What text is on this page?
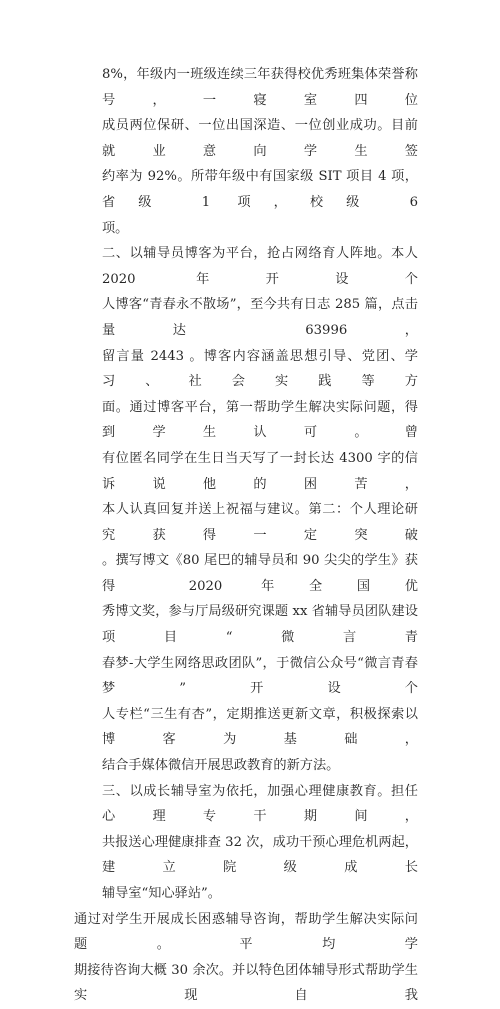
8%，年级内一班级连续三年获得校优秀班集体荣誉称号，一寝室四位

成员两位保研、一位出国深造、一位创业成功。目前就业意向学生签

约率为 92%。所带年级中有国家级 SIT 项目 4 项，省级 1 项，校级 6

项。

二、以辅导员博客为平台，抢占网络育人阵地。本人 2020 年开设个

人博客“青春永不散场”，至今共有日志 285 篇，点击量达 63996，

留言量 2443 。博客内容涵盖思想引导、党团、学习、社会实践等方

面。通过博客平台，第一帮助学生解决实际问题，得到学生认可。曾

有位匿名同学在生日当天写了一封长达 4300 字的信诉说他的困苦，

本人认真回复并送上祝福与建议。第二：个人理论研究获得一定突破

。撰写博文《80 尾巴的辅导员和 90 尖尖的学生》获得 2020 年全国优

秀博文奖，参与厅局级研究课题 xx 省辅导员团队建设项目“微言青

春梦-大学生网络思政团队”，于微信公众号“微言青春梦”开设个

人专栏“三生有杏”，定期推送更新文章，积极探索以博客为基础，

结合手媒体微信开展思政教育的新方法。

三、以成长辅导室为依托，加强心理健康教育。担任心理专干期间，

共报送心理健康排查 32 次，成功干预心理危机两起，建立院级成长

辅导室“知心驿站”。

通过对学生开展成长困惑辅导咨询，帮助学生解决实际问题。平均学

期接待咨询大概 30 余次。并以特色团体辅导形式帮助学生实现自我
